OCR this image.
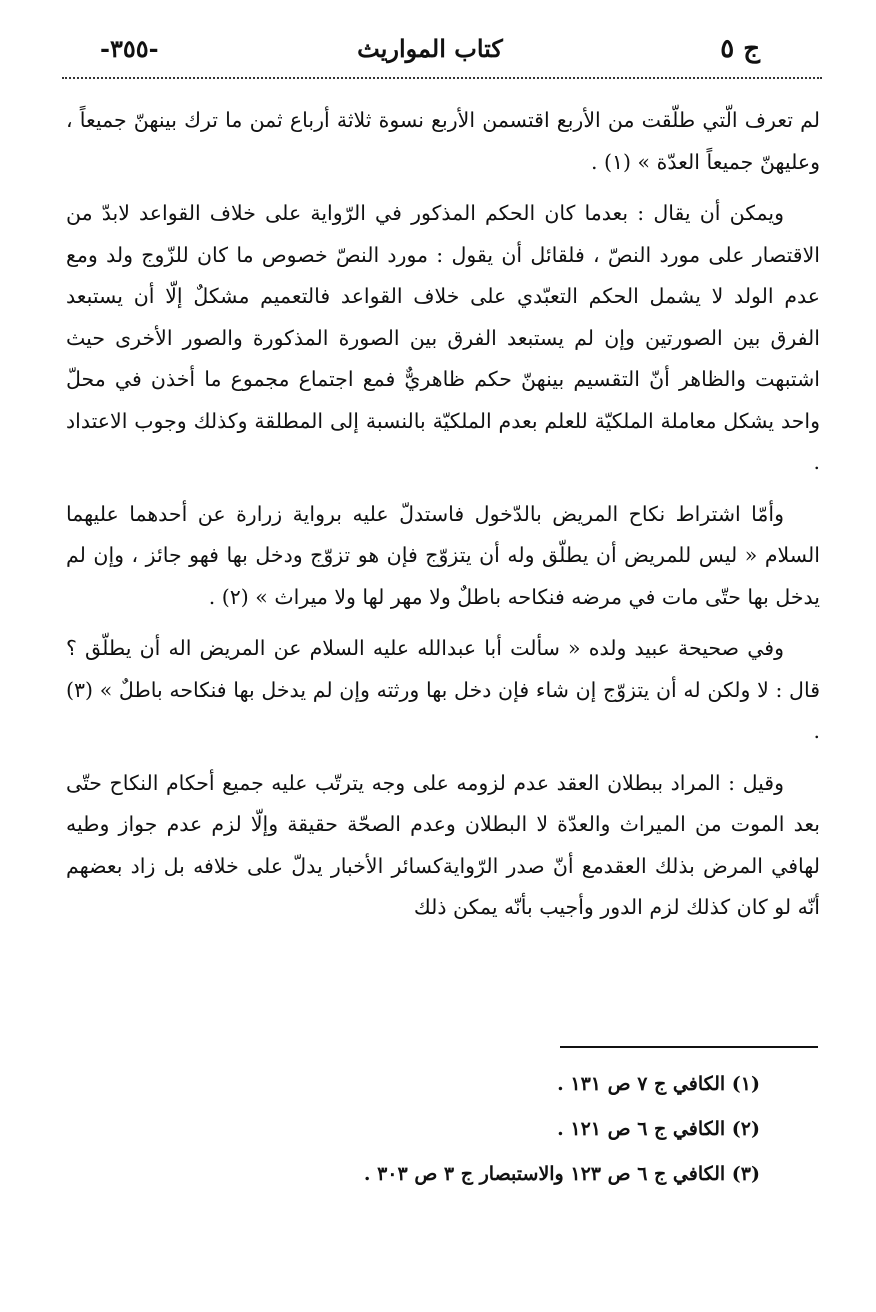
ج ٥
كتاب المواريث
-٣٥٥-

لم تعرف الّتي طلّقت من الأربع اقتسمن الأربع نسوة ثلاثة أرباع ثمن ما ترك بينهنّ جميعاً ، وعليهنّ جميعاً العدّة » (١) .

ويمكن أن يقال : بعدما كان الحكم المذكور في الرّواية على خلاف القواعد لابدّ من الاقتصار على مورد النصّ ، فلقائل أن يقول : مورد النصّ خصوص ما كان للزّوج ولد ومع عدم الولد لا يشمل الحكم التعبّدي على خلاف القواعد فالتعميم مشكلٌ إلّا أن يستبعد الفرق بين الصورتين وإن لم يستبعد الفرق بين الصورة المذكورة والصور الأخرى حيث اشتبهت والظاهر أنّ التقسيم بينهنّ حكم ظاهريٌّ فمع اجتماع مجموع ما أخذن في محلّ واحد يشكل معاملة الملكيّة للعلم بعدم الملكيّة بالنسبة إلى المطلقة وكذلك وجوب الاعتداد .

وأمّا اشتراط نكاح المريض بالدّخول فاستدلّ عليه برواية زرارة عن أحدهما عليهما السلام « ليس للمريض أن يطلّق وله أن يتزوّج فإن هو تزوّج ودخل بها فهو جائز ، وإن لم يدخل بها حتّى مات في مرضه فنكاحه باطلٌ ولا مهر لها ولا ميراث » (٢) .

وفي صحيحة عبيد ولده « سألت أبا عبدالله عليه السلام عن المريض اله أن يطلّق ؟ قال : لا ولكن له أن يتزوّج إن شاء فإن دخل بها ورثته وإن لم يدخل بها فنكاحه باطلٌ » (٣) .

وقيل : المراد ببطلان العقد عدم لزومه على وجه يترتّب عليه جميع أحكام النكاح حتّى بعد الموت من الميراث والعدّة لا البطلان وعدم الصحّة حقيقة وإلّا لزم عدم جواز وطيه لهافي المرض بذلك العقدمع أنّ صدر الرّوايةكسائر الأخبار يدلّ على خلافه بل زاد بعضهم أنّه لو كان كذلك لزم الدور وأجيب بأنّه يمكن ذلك

(١) الكافي ج ٧ ص ١٣١ .

(٢) الكافي ج ٦ ص ١٢١ .

(٣) الكافي ج ٦ ص ١٢٣ والاستبصار ج ٣ ص ٣٠٣ .
